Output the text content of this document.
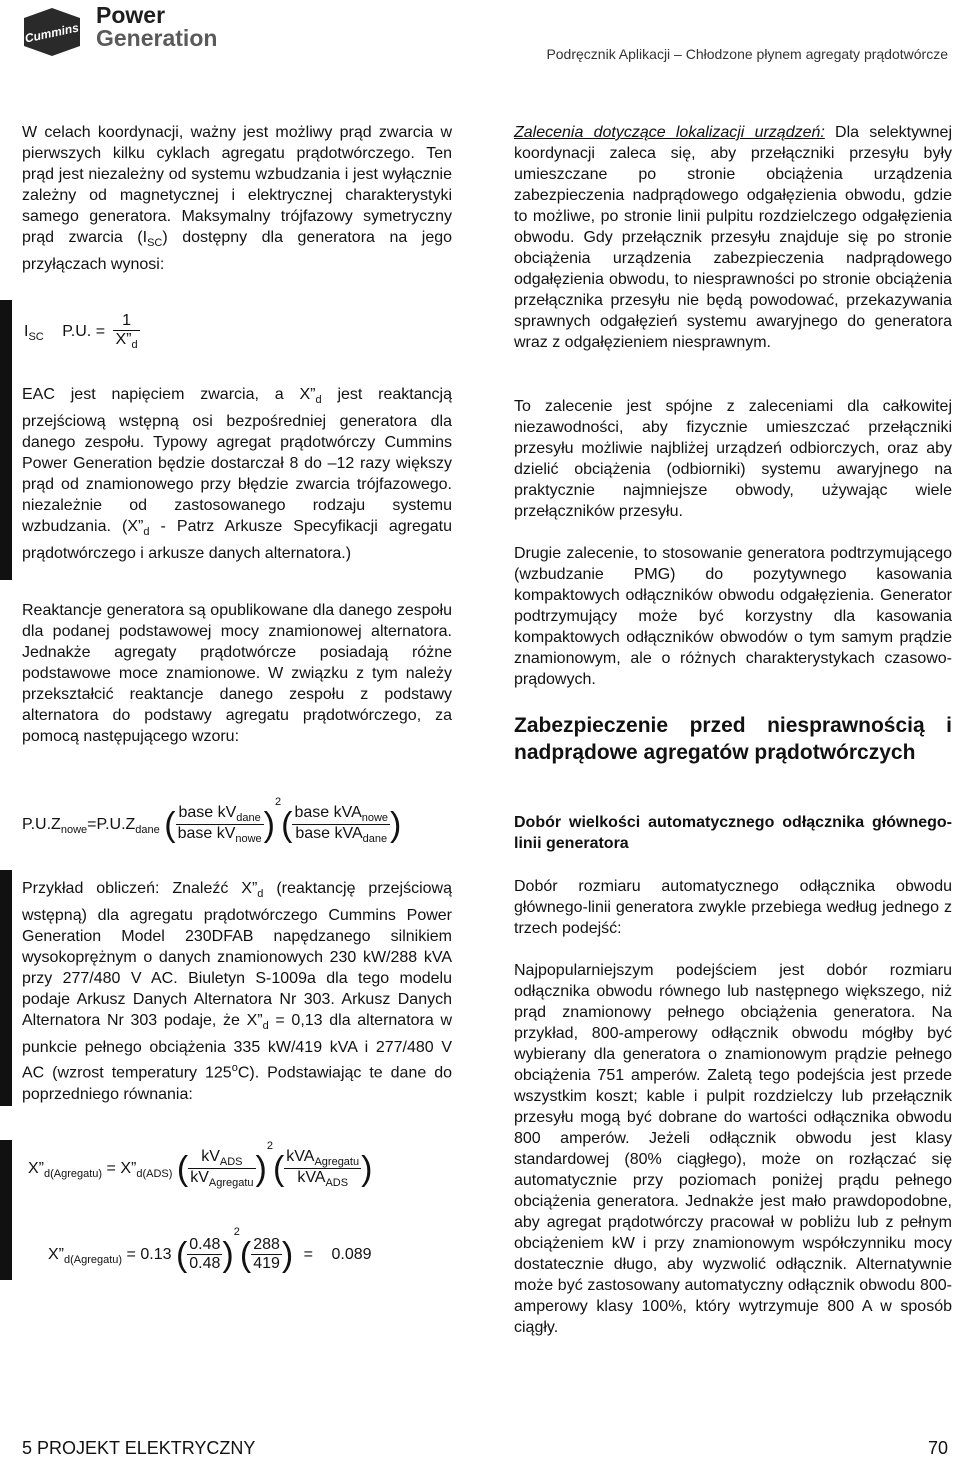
Cummins
Power
Generation
Podręcznik Aplikacji – Chłodzone płynem agregaty prądotwórcze

W celach koordynacji, ważny jest możliwy prąd zwarcia w pierwszych kilku cyklach agregatu prądotwórczego. Ten prąd jest niezależny od systemu wzbudzania i jest wyłącznie zależny od magnetycznej i elektrycznej charakterystyki samego generatora. Maksymalny trójfazowy symetryczny prąd zwarcia $(I_{SC})$ dostępny dla generatora na jego przyłączach wynosi:

$I_{SC}$ P.U. = $\frac{1}{X”_d}$

EAC jest napięciem zwarcia, a $X”_d$ jest reaktancją przejściową wstępną osi bezpośredniej generatora dla danego zespołu. Typowy agregat prądotwórczy Cummins Power Generation będzie dostarczał 8 do –12 razy większy prąd od znamionowego przy błędzie zwarcia trójfazowego. niezależnie od zastosowanego rodzaju systemu wzbudzania. ($X”_d$ - Patrz Arkusze Specyfikacji agregatu prądotwórczego i arkusze danych alternatora.)

Reaktancje generatora są opublikowane dla danego zespołu dla podanej podstawowej mocy znamionowej alternatora. Jednakże agregaty prądotwórcze posiadają różne podstawowe moce znamionowe. W związku z tym należy przekształcić reaktancje danego zespołu z podstawy alternatora do podstawy agregatu prądotwórczego, za pomocą następującego wzoru:

$P.U.Z_{nowe}=P.U.Z_{dane}$ ( $\frac{base kV_{dane}}{base kV_{nowe}} )^2( \frac{base kVA_{nowe}}{base kVA_{dane}}$ )

Przykład obliczeń: Znaleźć $X”_d$ (reaktancję przejściową wstępną) dla agregatu prądotwórczego Cummins Power Generation Model 230DFAB napędzanego silnikiem wysokoprężnym o danych znamionowych 230 kW/288 kVA przy 277/480 V AC. Biuletyn S-1009a dla tego modelu podaje Arkusz Danych Alternatora Nr 303. Arkusz Danych Alternatora Nr 303 podaje, że $X”_d = 0,13$ dla alternatora w punkcie pełnego obciążenia 335 kW/419 kVA i 277/480 V AC (wzrost temperatury 125$^o$C). Podstawiając te dane do poprzedniego równania:

$X”_{d(Agregatu)}$ = $X”_{d(ADS)}$ ( $\frac{kV_{ADS}}{kV_{Agregatu}} )^2( \frac{kVA_{Agregatu}}{kVA_{ADS}}$ )
$X”_{d(Agregatu)} = 0.13$ ( $\frac{0.48}{0.48} )^2( \frac{288}{419}$ ) = 0.089

Zalecenia dotyczące lokalizacji urządzeń: Dla selektywnej koordynacji zaleca się, aby przełączniki przesyłu były umieszczane po stronie obciążenia urządzenia zabezpieczenia nadprądowego odgałęzienia obwodu, gdzie to możliwe, po stronie linii pulpitu rozdzielczego odgałęzienia obwodu. Gdy przełącznik przesyłu znajduje się po stronie obciążenia urządzenia zabezpieczenia nadprądowego odgałęzienia obwodu, to niesprawności po stronie obciążenia przełącznika przesyłu nie będą powodować, przekazywania sprawnych odgałęzień systemu awaryjnego do generatora wraz z odgałęzieniem niesprawnym.

To zalecenie jest spójne z zaleceniami dla całkowitej niezawodności, aby fizycznie umieszczać przełączniki przesyłu możliwie najbliżej urządzeń odbiorczych, oraz aby dzielić obciążenia (odbiorniki) systemu awaryjnego na praktycznie najmniejsze obwody, używając wiele przełączników przesyłu.

Drugie zalecenie, to stosowanie generatora podtrzymującego (wzbudzanie PMG) do pozytywnego kasowania kompaktowych odłączników obwodu odgałęzienia. Generator podtrzymujący może być korzystny dla kasowania kompaktowych odłączników obwodów o tym samym prądzie znamionowym, ale o różnych charakterystykach czasowo-prądowych.

Zabezpieczenie przed niesprawnością i nadprądowe agregatów prądotwórczych
Dobór wielkości automatycznego odłącznika głównego-linii generatora

Dobór rozmiaru automatycznego odłącznika obwodu głównego-linii generatora zwykle przebiega według jednego z trzech podejść:

Najpopularniejszym podejściem jest dobór rozmiaru odłącznika obwodu równego lub następnego większego, niż prąd znamionowy pełnego obciążenia generatora. Na przykład, 800-amperowy odłącznik obwodu mógłby być wybierany dla generatora o znamionowym prądzie pełnego obciążenia 751 amperów. Zaletą tego podejścia jest przede wszystkim koszt; kable i pulpit rozdzielczy lub przełącznik przesyłu mogą być dobrane do wartości odłącznika obwodu 800 amperów. Jeżeli odłącznik obwodu jest klasy standardowej (80% ciągłego), może on rozłączać się automatycznie przy poziomach poniżej prądu pełnego obciążenia generatora. Jednakże jest mało prawdopodobne, aby agregat prądotwórczy pracował w pobliżu lub z pełnym obciążeniem kW i przy znamionowym współczynniku mocy dostatecznie długo, aby wyzwolić odłącznik. Alternatywnie może być zastosowany automatyczny odłącznik obwodu 800-amperowy klasy 100%, który wytrzymuje 800 A w sposób ciągły.

5 PROJEKT ELEKTRYCZNY	70
